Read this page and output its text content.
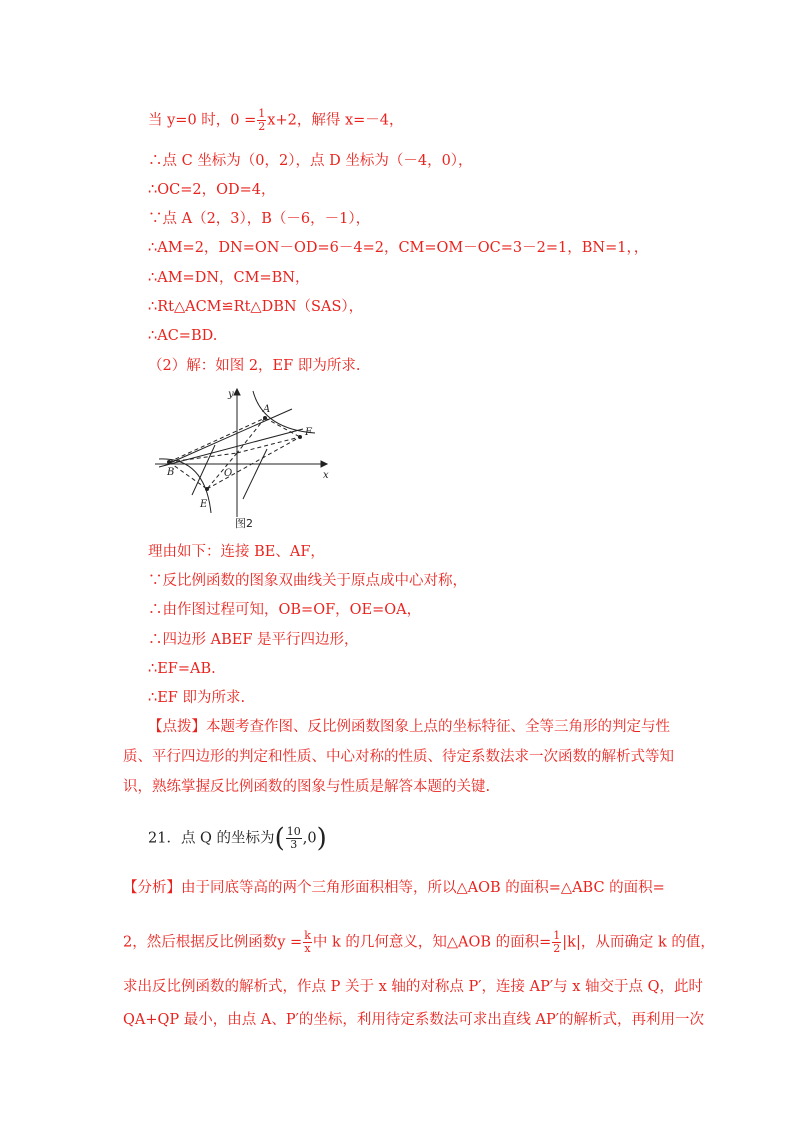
当 y=0 时，$0 = \frac{1}{2} x+2$，解得 x=－4，
∴点 C 坐标为（0，2），点 D 坐标为（－4，0），
∴OC=2，OD=4，
∵点 A（2，3），B（－6，－1），
∴AM=2，DN=ON－OD=6－4=2，CM=OM－OC=3－2=1，BN=1，，
∴AM=DN，CM=BN，
∴Rt△ACM≌Rt△DBN（SAS），
∴AC=BD.
（2）解：如图 2，EF 即为所求.
y
x
A
B	O
F
E
图2
理由如下：连接 BE、AF，
∵反比例函数的图象双曲线关于原点成中心对称，
∴由作图过程可知，OB=OF，OE=OA，
∴四边形 ABEF 是平行四边形，
∴EF=AB.
∴EF 即为所求.
【点拨】本题考查作图、反比例函数图象上点的坐标特征、全等三角形的判定与性质、平行四边形的判定和性质、中心对称的性质、待定系数法求一次函数的解析式等知识，熟练掌握反比例函数的图象与性质是解答本题的关键.
21．点 Q 的坐标为( $\frac{10}{3} ,0$)
【分析】由于同底等高的两个三角形面积相等，所以△AOB 的面积=△ABC 的面积=
2，然后根据反比例函数$y = \frac{k}{x}$ 中 k 的几何意义，知△AOB 的面积= $\frac{1}{2} |k|$，从而确定 k 的值，
求出反比例函数的解析式，作点 P 关于 x 轴的对称点 P′，连接 AP′与 x 轴交于点 Q，此时
QA+QP 最小，由点 A、P′的坐标，利用待定系数法可求出直线 AP′的解析式，再利用一次
